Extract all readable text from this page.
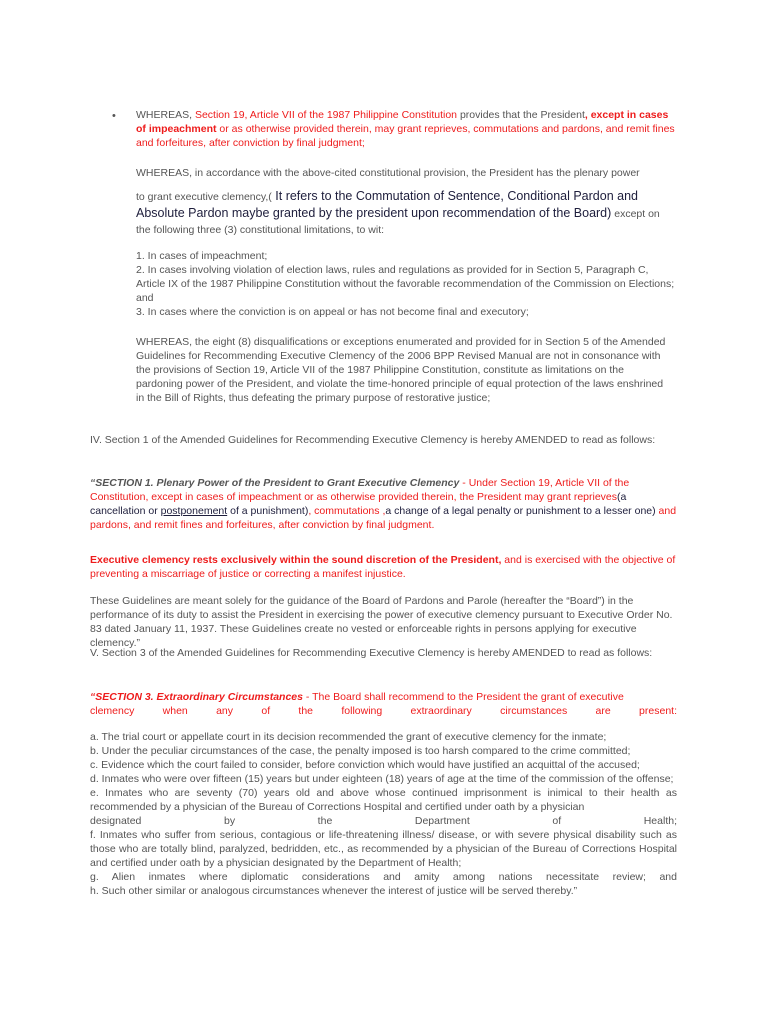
• WHEREAS, Section 19, Article VII of the 1987 Philippine Constitution provides that the President, except in cases of impeachment or as otherwise provided therein, may grant reprieves, commutations and pardons, and remit fines and forfeitures, after conviction by final judgment;

WHEREAS, in accordance with the above-cited constitutional provision, the President has the plenary power

to grant executive clemency,( It refers to the Commutation of Sentence, Conditional Pardon and Absolute Pardon maybe granted by the president upon recommendation of the Board) except on the following three (3) constitutional limitations, to wit:

1. In cases of impeachment;
2. In cases involving violation of election laws, rules and regulations as provided for in Section 5, Paragraph C, Article IX of the 1987 Philippine Constitution without the favorable recommendation of the Commission on Elections; and
3. In cases where the conviction is on appeal or has not become final and executory;

WHEREAS, the eight (8) disqualifications or exceptions enumerated and provided for in Section 5 of the Amended Guidelines for Recommending Executive Clemency of the 2006 BPP Revised Manual are not in consonance with the provisions of Section 19, Article VII of the 1987 Philippine Constitution, constitute as limitations on the pardoning power of the President, and violate the time-honored principle of equal protection of the laws enshrined in the Bill of Rights, thus defeating the primary purpose of restorative justice;

IV. Section 1 of the Amended Guidelines for Recommending Executive Clemency is hereby AMENDED to read as follows:

“SECTION 1. Plenary Power of the President to Grant Executive Clemency - Under Section 19, Article VII of the Constitution, except in cases of impeachment or as otherwise provided therein, the President may grant reprieves(a cancellation or postponement of a punishment), commutations ,a change of a legal penalty or punishment to a lesser one) and pardons, and remit fines and forfeitures, after conviction by final judgment.

Executive clemency rests exclusively within the sound discretion of the President, and is exercised with the objective of preventing a miscarriage of justice or correcting a manifest injustice.

These Guidelines are meant solely for the guidance of the Board of Pardons and Parole (hereafter the “Board”) in the performance of its duty to assist the President in exercising the power of executive clemency pursuant to Executive Order No. 83 dated January 11, 1937. These Guidelines create no vested or enforceable rights in persons applying for executive clemency.”

V. Section 3 of the Amended Guidelines for Recommending Executive Clemency is hereby AMENDED to read as follows:

“SECTION 3. Extraordinary Circumstances - The Board shall recommend to the President the grant of executive
clemency when any of the following extraordinary circumstances are present:
a. The trial court or appellate court in its decision recommended the grant of executive clemency for the inmate;
b. Under the peculiar circumstances of the case, the penalty imposed is too harsh compared to the crime committed;
c. Evidence which the court failed to consider, before conviction which would have justified an acquittal of the accused;
d. Inmates who were over fifteen (15) years but under eighteen (18) years of age at the time of the commission of the offense;
e. Inmates who are seventy (70) years old and above whose continued imprisonment is inimical to their health as recommended by a physician of the Bureau of Corrections Hospital and certified under oath by a physician
designated by the Department of Health;
f. Inmates who suffer from serious, contagious or life-threatening illness/ disease, or with severe physical disability such as those who are totally blind, paralyzed, bedridden, etc., as recommended by a physician of the Bureau of Corrections Hospital and certified under oath by a physician designated by the Department of Health;
g. Alien inmates where diplomatic considerations and amity among nations necessitate review; and
h. Such other similar or analogous circumstances whenever the interest of justice will be served thereby.”
